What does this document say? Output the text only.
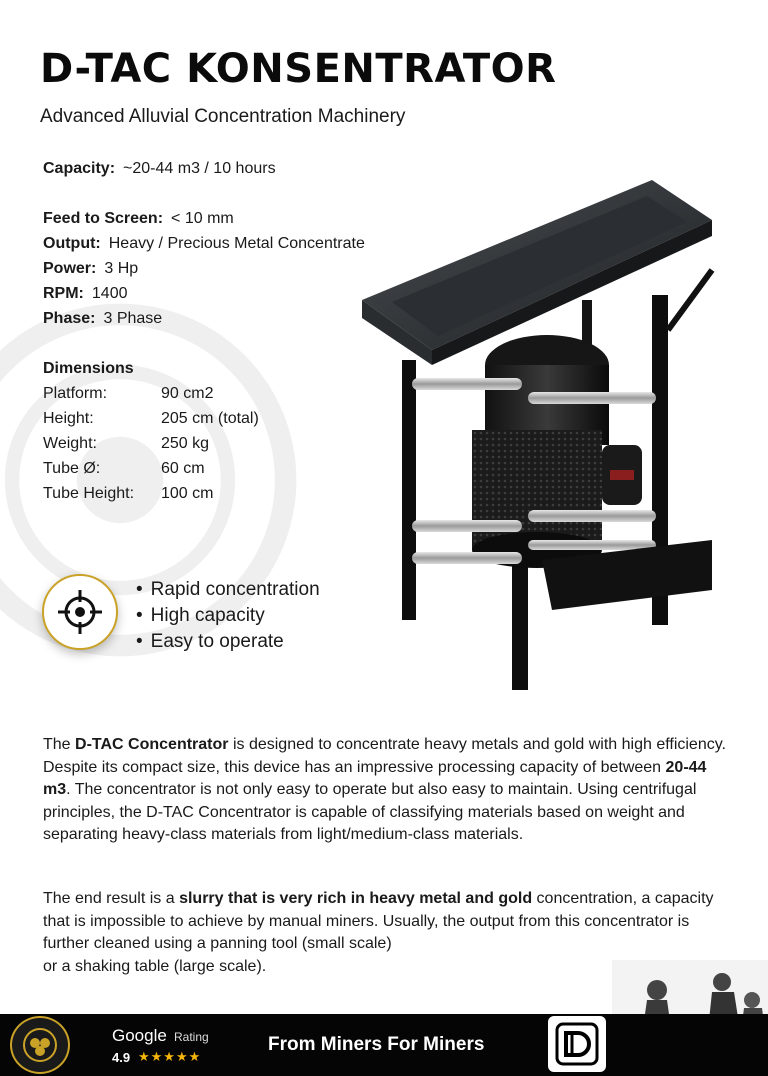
D-TAC KONSENTRATOR
Advanced Alluvial Concentration Machinery
Capacity: ~20-44 m3 / 10 hours
Feed to Screen: < 10 mm
Output: Heavy / Precious Metal Concentrate
Power: 3 Hp
RPM: 1400
Phase: 3 Phase
Dimensions
Platform:	90 cm2
Height:	205 cm (total)
Weight:	250 kg
Tube Ø:	60 cm
Tube Height:	100 cm
• Rapid concentration
• High capacity
• Easy to operate

The D-TAC Concentrator is designed to concentrate heavy metals and gold with high efficiency. Despite its compact size, this device has an impressive processing capacity of between 20-44 m3. The concentrator is not only easy to operate but also easy to maintain. Using centrifugal principles, the D-TAC Concentrator is capable of classifying materials based on weight and separating heavy-class materials from light/medium-class materials.

The end result is a slurry that is very rich in heavy metal and gold concentration, a capacity that is impossible to achieve by manual miners. Usually, the output from this concentrator is further cleaned using a panning tool (small scale)
or a shaking table (large scale).

Google Rating
4.9 ★★★★★
From Miners For Miners
